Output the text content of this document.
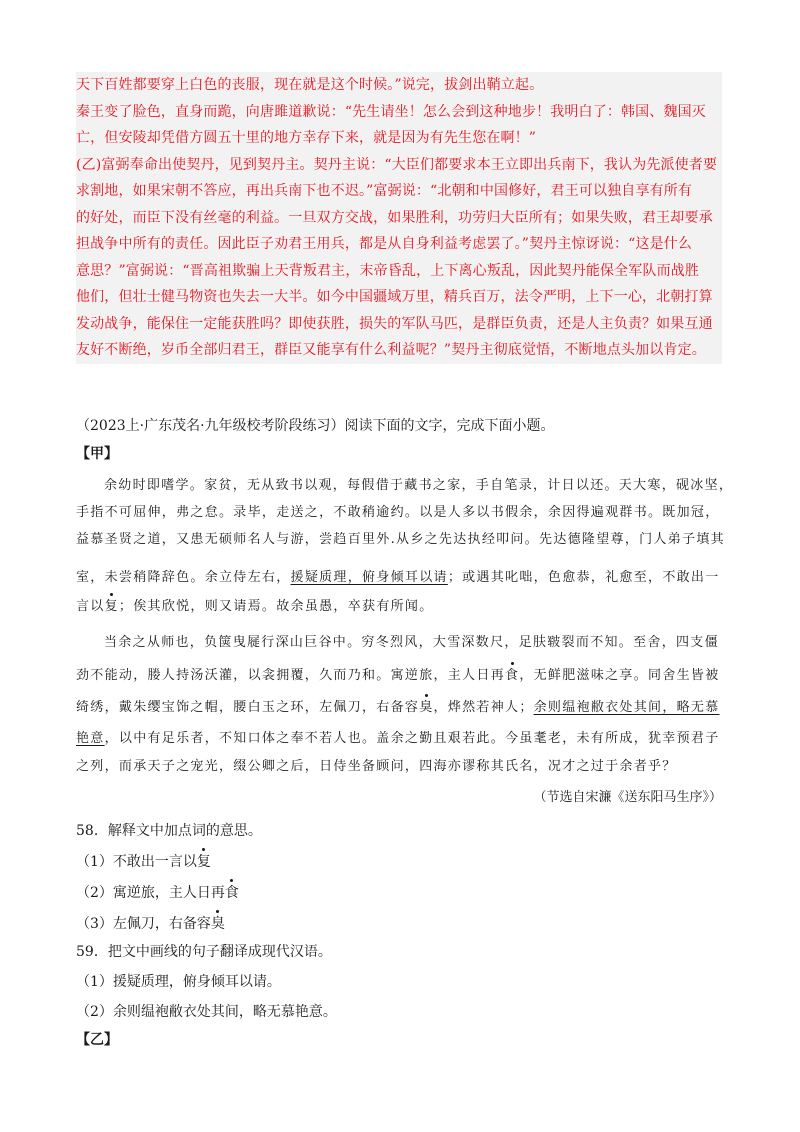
天下百姓都要穿上白色的丧服，现在就是这个时候。”说完，拔剑出鞘立起。
秦王变了脸色，直身而跪，向唐雎道歉说：“先生请坐！怎么会到这种地步！我明白了：韩国、魏国灭
亡，但安陵却凭借方圆五十里的地方幸存下来，就是因为有先生您在啊！”
(乙)富弼奉命出使契丹，见到契丹主。契丹主说：“大臣们都要求本王立即出兵南下，我认为先派使者要
求割地，如果宋朝不答应，再出兵南下也不迟。”富弼说：“北朝和中国修好，君王可以独自享有所有
的好处，而臣下没有丝毫的利益。一旦双方交战，如果胜利，功劳归大臣所有；如果失败，君王却要承
担战争中所有的责任。因此臣子劝君王用兵，都是从自身利益考虑罢了。”契丹主惊讶说：“这是什么
意思？”富弼说：“晋高祖欺骗上天背叛君主，末帝昏乱，上下离心叛乱，因此契丹能保全军队而战胜
他们，但壮士健马物资也失去一大半。如今中国疆域万里，精兵百万，法令严明，上下一心，北朝打算
发动战争，能保住一定能获胜吗？即使获胜，损失的军队马匹，是群臣负责，还是人主负责？如果互通
友好不断绝，岁币全部归君王，群臣又能享有什么利益呢？”契丹主彻底觉悟，不断地点头加以肯定。
（2023上·广东茂名·九年级校考阶段练习）阅读下面的文字，完成下面小题。
【甲】
余幼时即嗜学。家贫，无从致书以观，每假借于藏书之家，手自笔录，计日以还。天大寒，砚冰坚，
手指不可屈伸，弗之怠。录毕，走送之，不敢稍逾约。以是人多以书假余，余因得遍观群书。既加冠，
益慕圣贤之道，又患无硕师名人与游，尝趋百里外.从乡之先达执经叩问。先达德隆望尊，门人弟子填其
室，未尝稍降辞色。余立侍左右，援疑质理，俯身倾耳以请；或遇其叱咄，色愈恭，礼愈至，不敢出一
言以复；俟其欣悦，则又请焉。故余虽愚，卒获有所闻。
当余之从师也，负箧曳屣行深山巨谷中。穷冬烈风，大雪深数尺，足肤皲裂而不知。至舍，四支僵
劲不能动，媵人持汤沃灌，以衾拥覆，久而乃和。寓逆旅，主人日再食，无鲜肥滋味之享。同舍生皆被
绮绣，戴朱缨宝饰之帽，腰白玉之环，左佩刀，右备容臭，烨然若神人；余则缊袍敝衣处其间，略无慕
艳意，以中有足乐者，不知口体之奉不若人也。盖余之勤且艰若此。今虽耄老，未有所成，犹幸预君子
之列，而承天子之宠光，缀公卿之后，日侍坐备顾问，四海亦谬称其氏名，况才之过于余者乎？
（节选自宋濂《送东阳马生序》）
58．解释文中加点词的意思。
（1）不敢出一言以复
（2）寓逆旅，主人日再食
（3）左佩刀，右备容臭
59．把文中画线的句子翻译成现代汉语。
（1）援疑质理，俯身倾耳以请。
（2）余则缊袍敝衣处其间，略无慕艳意。
【乙】
